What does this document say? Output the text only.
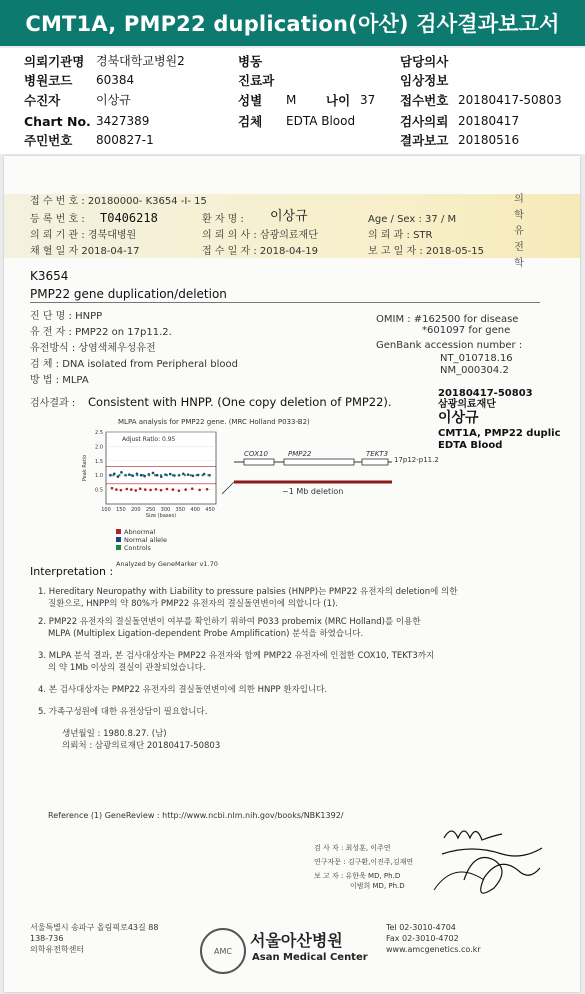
CMT1A, PMP22 duplication(아산) 검사결과보고서
의뢰기관명 경북대학교병원2	병동	담당의사
병원코드 60384	진료과	임상정보
수진자	이상규	성별 M 나이 37 접수번호 20180417-50803
Chart No. 3427389	검체 EDTA Blood	검사의뢰 20180417
주민번호 800827-1	결과보고 20180516
접 수 번 호 : 20180000- K3654 -I- 15
등 록 번 호 : T0406218	환 자 명 : 이상규	Age / Sex : 37 / M
의 뢰 기 관 : 경북대병원	의 뢰 의 사 : 삼광의료재단	의 뢰 과 : STR
채 혈 일 자 2018-04-17	접 수 일 자 : 2018-04-19	보 고 일 자 : 2018-05-15
의학유전학
K3654
PMP22 gene duplication/deletion
진 단 명 : HNPP
유 전 자 : PMP22 on 17p11.2.
유전방식 : 상염색체우성유전
검 체 : DNA isolated from Peripheral blood
방 법 : MLPA
OMIM : #162500 for disease
*601097 for gene
GenBank accession number :
NT_010718.16
NM_000304.2
20180417-50803
삼광의료재단
이상규
CMT1A, PMP22 duplic
EDTA Blood
검사결과 : Consistent with HNPP. (One copy deletion of PMP22).
MLPA analysis for PMP22 gene. (MRC Holland P033-B2)
0.5
1.0
1.5
2.0
2.5
100 150 200 250 300 350 400 450
Size (bases)
Peak Ratio
Adjust Ratio: 0.95
Abnormal
Normal allele
Controls
Analyzed by GeneMarker v1.70
COX10	PMP22	TEKT3
17p12-p11.2
~1 Mb deletion
Interpretation :
1. Hereditary Neuropathy with Liability to pressure palsies (HNPP)는 PMP22 유전자의 deletion에 의한
질환으로, HNPP의 약 80%가 PMP22 유전자의 결실돌연변이에 의합니다 (1).
2. PMP22 유전자의 결실돌연변이 여부를 확인하기 위하여 P033 probemix (MRC Holland)를 이용한
MLPA (Multiplex Ligation-dependent Probe Amplification) 분석을 하였습니다.
3. MLPA 분석 결과, 본 검사대상자는 PMP22 유전자와 함께 PMP22 유전자에 인접한 COX10, TEKT3까지
의 약 1Mb 이상의 결실이 관찰되었습니다.
4. 본 검사대상자는 PMP22 유전자의 결실돌연변이에 의한 HNPP 환자입니다.
5. 가족구성원에 대한 유전상담이 필요합니다.
생년월일 : 1980.8.27. (남)
의뢰처 : 삼광의료재단 20180417-50803
Reference (1) GeneReview : http://www.ncbi.nlm.nih.gov/books/NBK1392/
검 사 자 : 최성훈, 이주연
연구자문 : 김구환,이진주,김재연
보 고 자 : 유한욱 MD, Ph.D
이범희 MD, Ph.D
서울특별시 송파구 올림픽로43길 88
138-736
의학유전학센터	AMC
서울아산병원
Asan Medical Center
Tel 02-3010-4704
Fax 02-3010-4702
www.amcgenetics.co.kr
